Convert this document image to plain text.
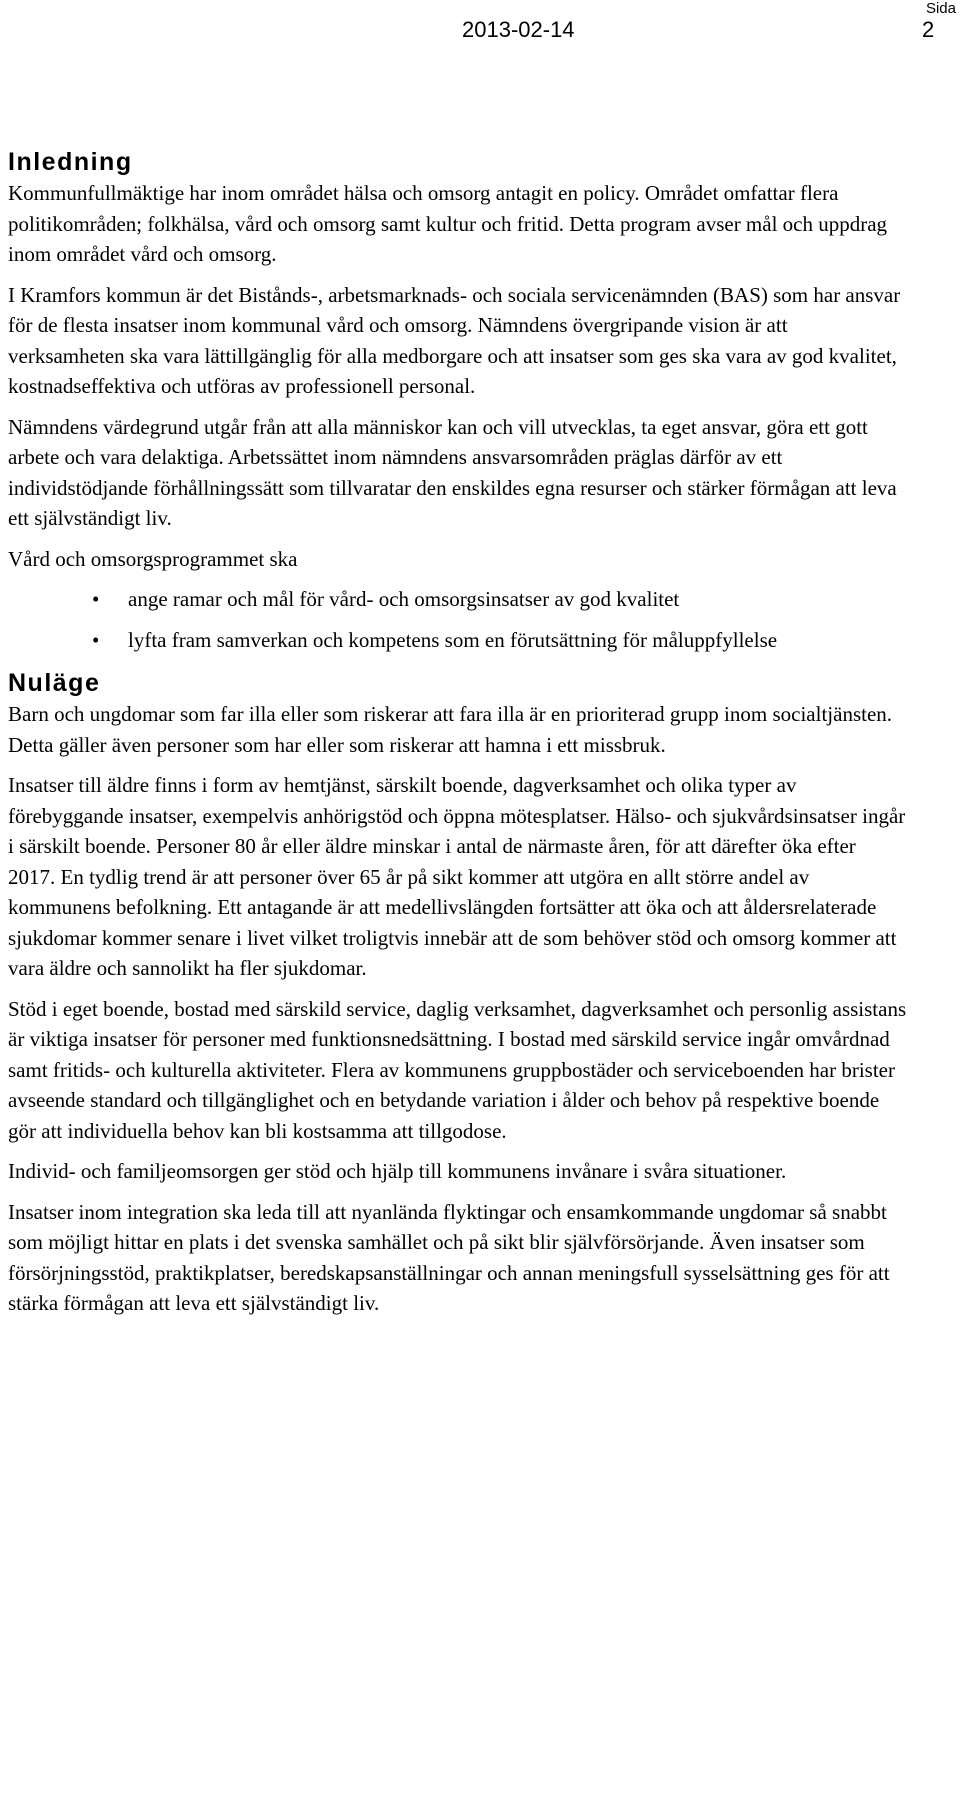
2013-02-14
Sida
2
Inledning

Kommunfullmäktige har inom området hälsa och omsorg antagit en policy. Området omfattar flera politikområden; folkhälsa, vård och omsorg samt kultur och fritid. Detta program avser mål och uppdrag inom området vård och omsorg.

I Kramfors kommun är det Bistånds-, arbetsmarknads- och sociala servicenämnden (BAS) som har ansvar för de flesta insatser inom kommunal vård och omsorg. Nämndens övergripande vision är att verksamheten ska vara lättillgänglig för alla medborgare och att insatser som ges ska vara av god kvalitet, kostnadseffektiva och utföras av professionell personal.

Nämndens värdegrund utgår från att alla människor kan och vill utvecklas, ta eget ansvar, göra ett gott arbete och vara delaktiga. Arbetssättet inom nämndens ansvarsområden präglas därför av ett individstödjande förhållningssätt som tillvaratar den enskildes egna resurser och stärker förmågan att leva ett självständigt liv.

Vård och omsorgsprogrammet ska

• ange ramar och mål för vård- och omsorgsinsatser av god kvalitet
• lyfta fram samverkan och kompetens som en förutsättning för måluppfyllelse
Nuläge

Barn och ungdomar som far illa eller som riskerar att fara illa är en prioriterad grupp inom socialtjänsten. Detta gäller även personer som har eller som riskerar att hamna i ett missbruk.

Insatser till äldre finns i form av hemtjänst, särskilt boende, dagverksamhet och olika typer av förebyggande insatser, exempelvis anhörigstöd och öppna mötesplatser. Hälso- och sjukvårdsinsatser ingår i särskilt boende. Personer 80 år eller äldre minskar i antal de närmaste åren, för att därefter öka efter 2017. En tydlig trend är att personer över 65 år på sikt kommer att utgöra en allt större andel av kommunens befolkning. Ett antagande är att medellivslängden fortsätter att öka och att åldersrelaterade sjukdomar kommer senare i livet vilket troligtvis innebär att de som behöver stöd och omsorg kommer att vara äldre och sannolikt ha fler sjukdomar.

Stöd i eget boende, bostad med särskild service, daglig verksamhet, dagverksamhet och personlig assistans är viktiga insatser för personer med funktionsnedsättning. I bostad med särskild service ingår omvårdnad samt fritids- och kulturella aktiviteter. Flera av kommunens gruppbostäder och serviceboenden har brister avseende standard och tillgänglighet och en betydande variation i ålder och behov på respektive boende gör att individuella behov kan bli kostsamma att tillgodose.

Individ- och familjeomsorgen ger stöd och hjälp till kommunens invånare i svåra situationer.

Insatser inom integration ska leda till att nyanlända flyktingar och ensamkommande ungdomar så snabbt som möjligt hittar en plats i det svenska samhället och på sikt blir självförsörjande. Även insatser som försörjningsstöd, praktikplatser, beredskapsanställningar och annan meningsfull sysselsättning ges för att stärka förmågan att leva ett självständigt liv.
